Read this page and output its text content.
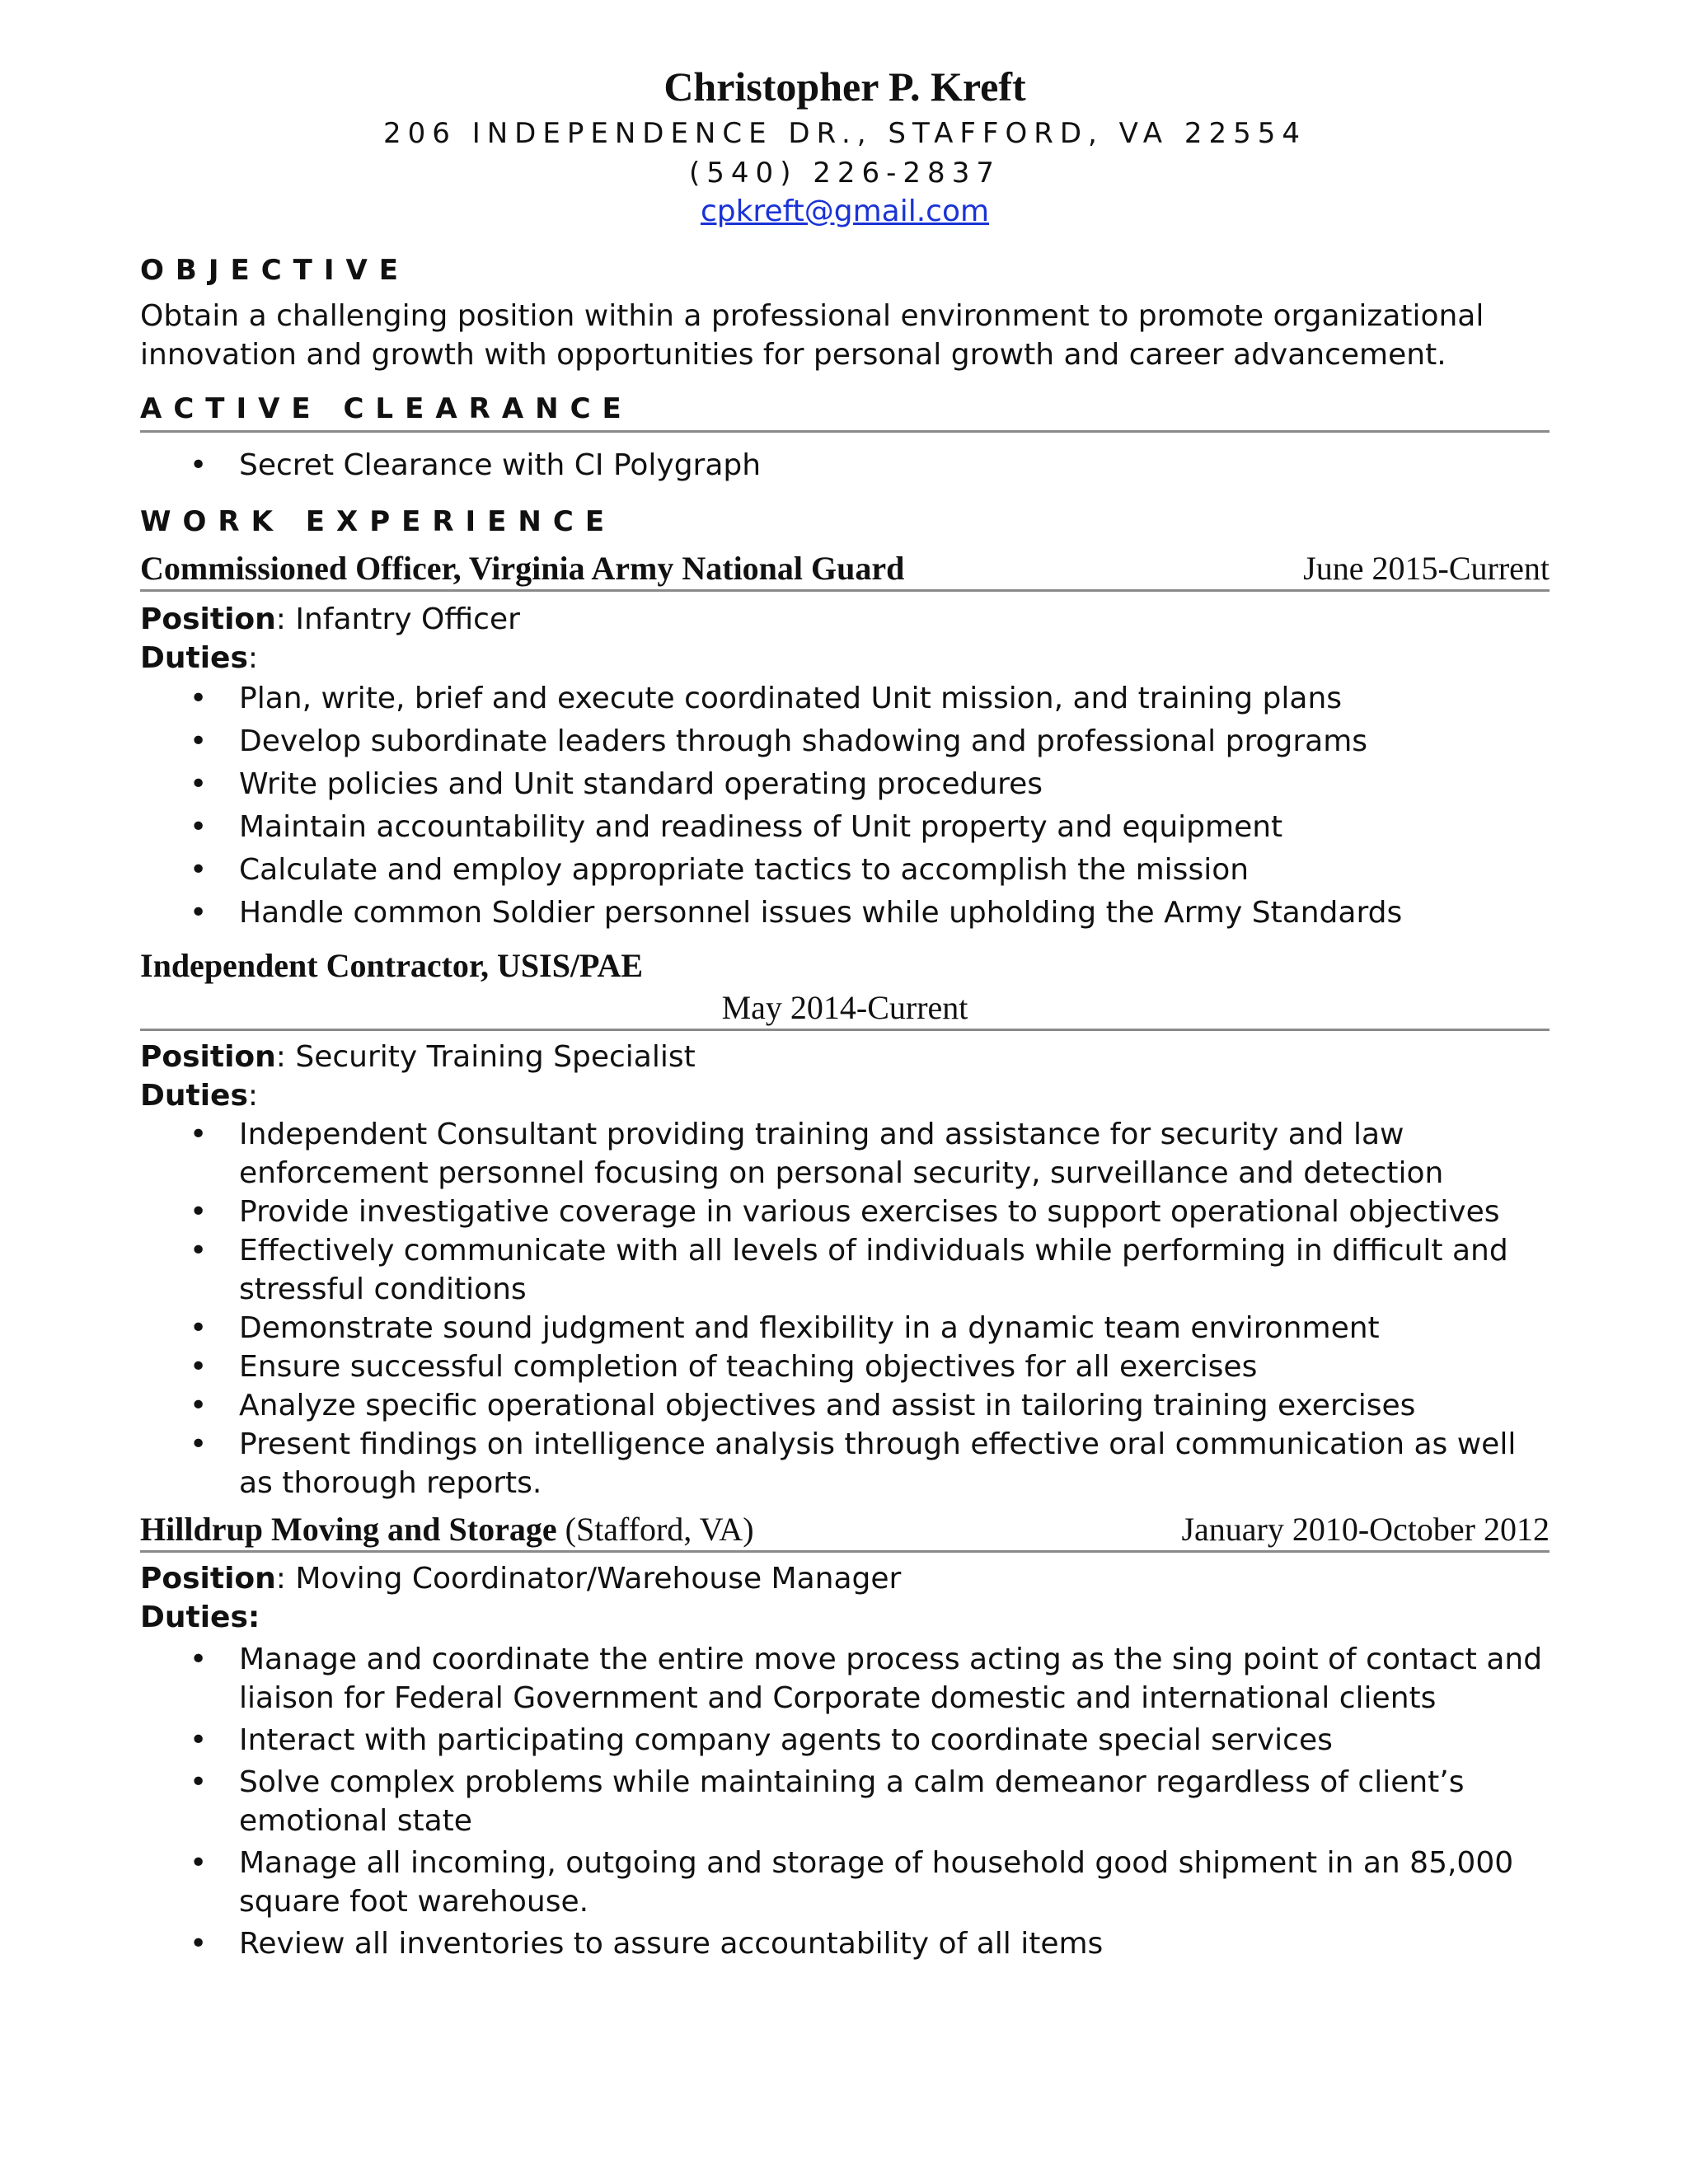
Christopher P. Kreft
206 INDEPENDENCE DR., STAFFORD, VA 22554
(540) 226-2837
cpkreft@gmail.com
OBJECTIVE
Obtain a challenging position within a professional environment to promote organizational innovation and growth with opportunities for personal growth and career advancement.
ACTIVE CLEARANCE
• Secret Clearance with CI Polygraph
WORK EXPERIENCE
Commissioned Officer, Virginia Army National Guard	June 2015-Current
Position: Infantry Officer
Duties:
• Plan, write, brief and execute coordinated Unit mission, and training plans
• Develop subordinate leaders through shadowing and professional programs
• Write policies and Unit standard operating procedures
• Maintain accountability and readiness of Unit property and equipment
• Calculate and employ appropriate tactics to accomplish the mission
• Handle common Soldier personnel issues while upholding the Army Standards
Independent Contractor, USIS/PAE
May 2014-Current
Position: Security Training Specialist
Duties:
• Independent Consultant providing training and assistance for security and law enforcement personnel focusing on personal security, surveillance and detection
• Provide investigative coverage in various exercises to support operational objectives
• Effectively communicate with all levels of individuals while performing in difficult and stressful conditions
• Demonstrate sound judgment and flexibility in a dynamic team environment
• Ensure successful completion of teaching objectives for all exercises
• Analyze specific operational objectives and assist in tailoring training exercises
• Present findings on intelligence analysis through effective oral communication as well as thorough reports.
Hilldrup Moving and Storage (Stafford, VA)	January 2010-October 2012
Position: Moving Coordinator/Warehouse Manager
Duties:
• Manage and coordinate the entire move process acting as the sing point of contact and liaison for Federal Government and Corporate domestic and international clients
• Interact with participating company agents to coordinate special services
• Solve complex problems while maintaining a calm demeanor regardless of client’s emotional state
• Manage all incoming, outgoing and storage of household good shipment in an 85,000 square foot warehouse.
• Review all inventories to assure accountability of all items
